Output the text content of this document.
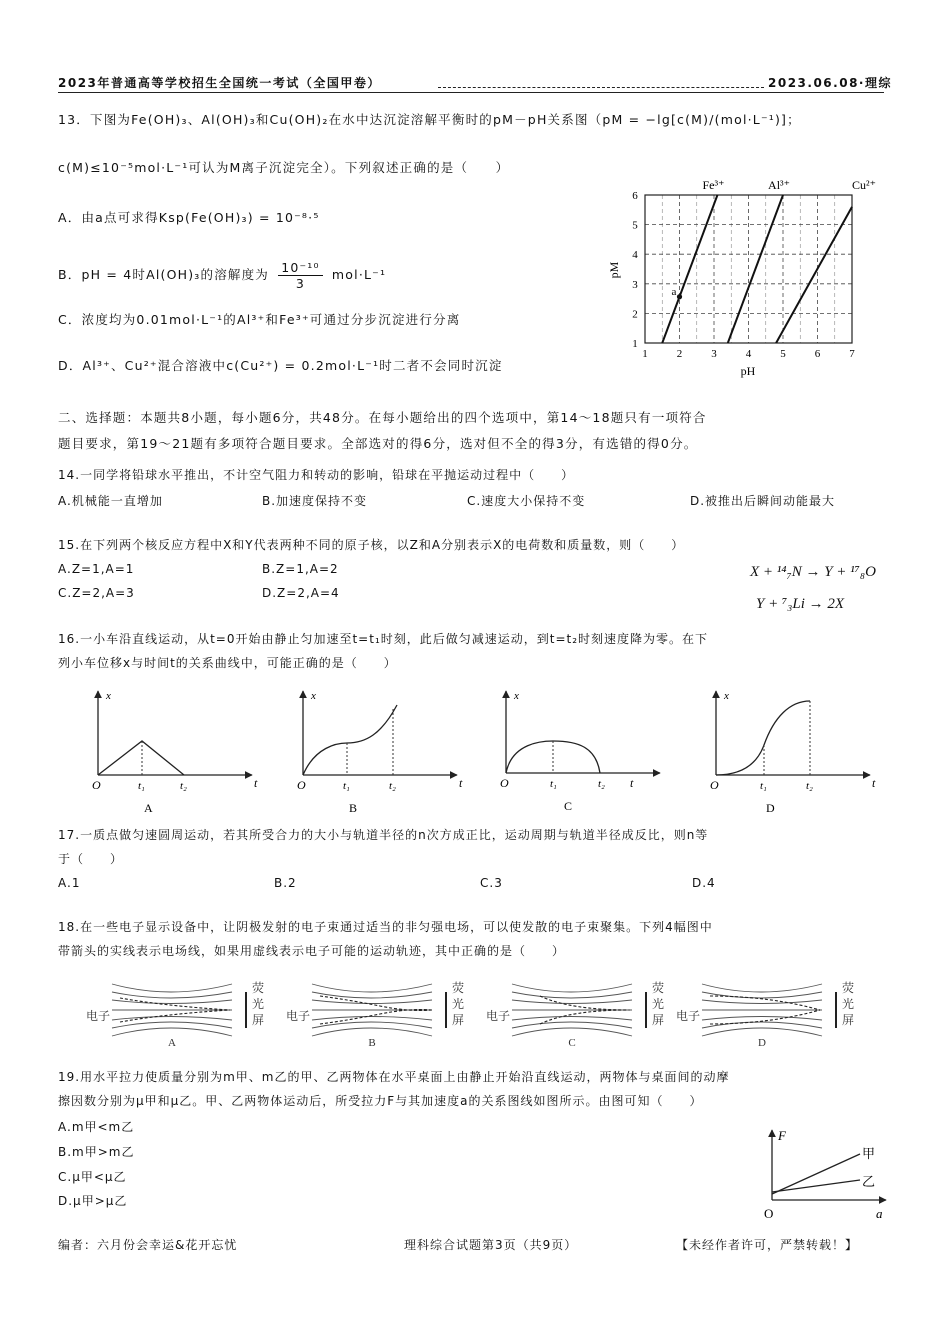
2023年普通高等学校招生全国统一考试（全国甲卷）	2023.06.08·理综
13．下图为Fe(OH)₃、Al(OH)₃和Cu(OH)₂在水中达沉淀溶解平衡时的pM－pH关系图（pM = −lg[c(M)/(mol·L⁻¹)]；
c(M)≤10⁻⁵mol·L⁻¹可认为M离子沉淀完全）。下列叙述正确的是（　　）
A．由a点可求得Ksp(Fe(OH)₃) = 10⁻⁸·⁵
B．pH = 4时Al(OH)₃的溶解度为 $\frac{\text{10⁻¹⁰}}{3} mol\cdot L^{-1}$
C．浓度均为0.01mol·L⁻¹的Al³⁺和Fe³⁺可通过分步沉淀进行分离
D．Al³⁺、Cu²⁺混合溶液中c(Cu²⁺) = 0.2mol·L⁻¹时二者不会同时沉淀
1	2	3	4	5	6	7
1
2
3
4
5
6
Fe³⁺	Al³⁺	Cu²⁺
a
pH
pM
二、选择题：本题共8小题，每小题6分，共48分。在每小题给出的四个选项中，第14～18题只有一项符合
题目要求，第19～21题有多项符合题目要求。全部选对的得6分，选对但不全的得3分，有选错的得0分。
14.一同学将铅球水平推出，不计空气阻力和转动的影响，铅球在平抛运动过程中（　　）
A.机械能一直增加	B.加速度保持不变	C.速度大小保持不变	D.被推出后瞬间动能最大
15.在下列两个核反应方程中X和Y代表两种不同的原子核，以Z和A分别表示X的电荷数和质量数，则（　　）
A.Z=1,A=1	B.Z=1,A=2
C.Z=2,A=3	D.Z=2,A=4
X + ¹⁴₇N → Y + ¹⁷₈O
Y + ⁷₃Li → 2X
16.一小车沿直线运动，从t=0开始由静止匀加速至t=t₁时刻，此后做匀减速运动，到t=t₂时刻速度降为零。在下
列小车位移x与时间t的关系曲线中，可能正确的是（　　）
x
t
O	t₁	t₂
A
x
t
O	t₁	t₂
B
x
t
O	t₁	t₂
C
x
t
O	t₁	t₂
D
17.一质点做匀速圆周运动，若其所受合力的大小与轨道半径的n次方成正比，运动周期与轨道半径成反比，则n等
于（　　）
A.1	B.2	C.3	D.4
18.在一些电子显示设备中，让阴极发射的电子束通过适当的非匀强电场，可以使发散的电子束聚集。下列4幅图中
带箭头的实线表示电场线，如果用虚线表示电子可能的运动轨迹，其中正确的是（　　）
电子
荧
光
屏
A
电子
荧
光
屏
B
电子
荧
光
屏
C
电子
荧
光
屏
D
19.用水平拉力使质量分别为m甲、m乙的甲、乙两物体在水平桌面上由静止开始沿直线运动，两物体与桌面间的动摩
擦因数分别为μ甲和μ乙。甲、乙两物体运动后，所受拉力F与其加速度a的关系图线如图所示。由图可知（　　）
A.m甲<m乙
B.m甲>m乙
C.μ甲<μ乙
D.μ甲>μ乙
F
a
O
甲
乙
编者：六月份会幸运&花开忘忧	理科综合试题第3页（共9页）	【未经作者许可，严禁转载！】
